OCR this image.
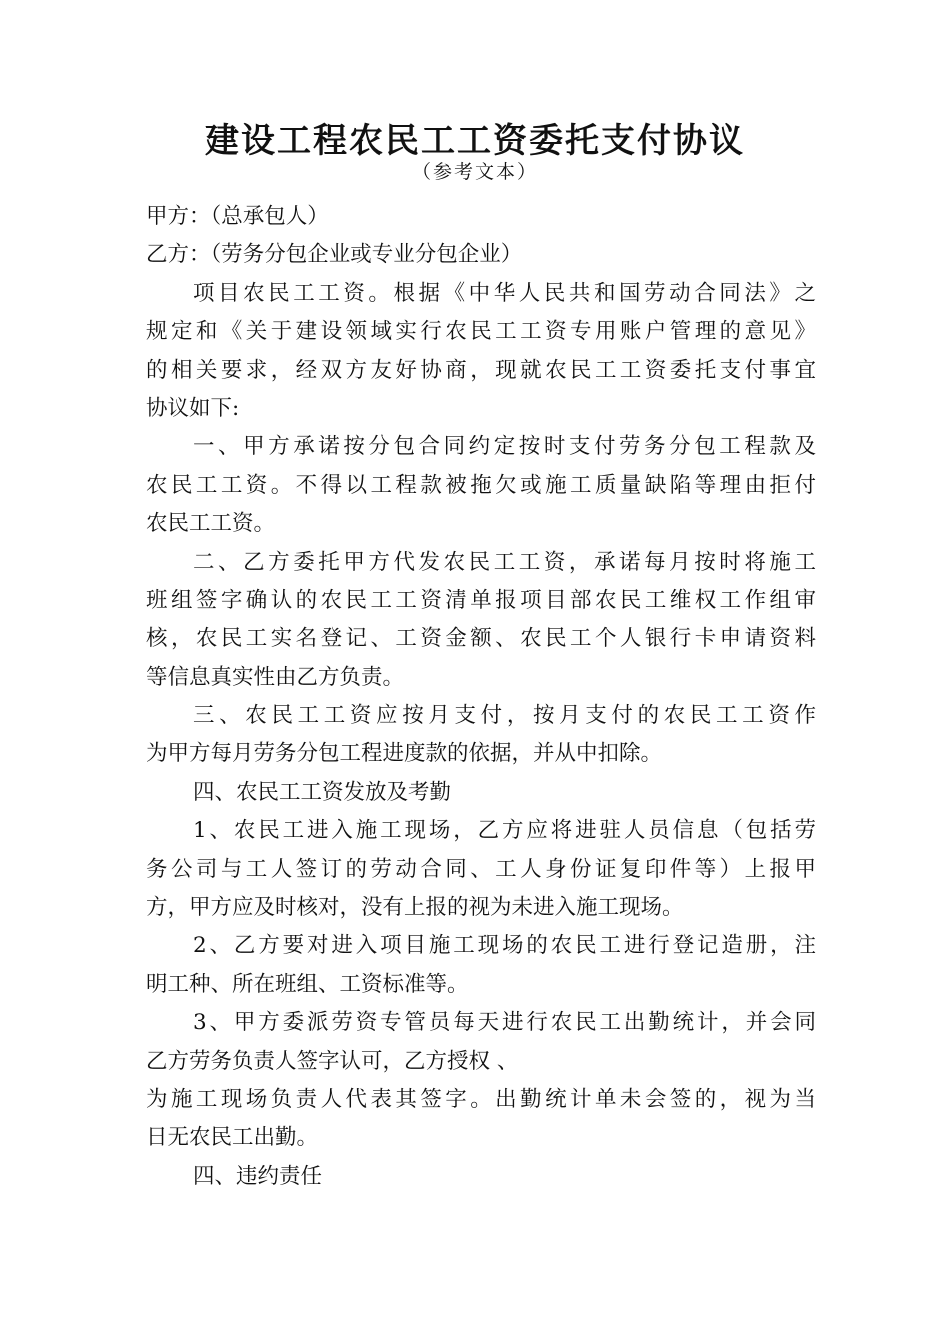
建设工程农民工工资委托支付协议
（参考文本）
甲方：（总承包人）
乙方：（劳务分包企业或专业分包企业）
项目农民工工资。根据《中华人民共和国劳动合同法》之
规定和《关于建设领域实行农民工工资专用账户管理的意见》
的相关要求，经双方友好协商，现就农民工工资委托支付事宜
协议如下:
一、甲方承诺按分包合同约定按时支付劳务分包工程款及
农民工工资。不得以工程款被拖欠或施工质量缺陷等理由拒付
农民工工资。
二、乙方委托甲方代发农民工工资，承诺每月按时将施工
班组签字确认的农民工工资清单报项目部农民工维权工作组审
核，农民工实名登记、工资金额、农民工个人银行卡申请资料
等信息真实性由乙方负责。
三、农民工工资应按月支付，按月支付的农民工工资作
为甲方每月劳务分包工程进度款的依据，并从中扣除。
四、农民工工资发放及考勤
1、农民工进入施工现场，乙方应将进驻人员信息（包括劳
务公司与工人签订的劳动合同、工人身份证复印件等）上报甲
方，甲方应及时核对，没有上报的视为未进入施工现场。
2、乙方要对进入项目施工现场的农民工进行登记造册，注
明工种、所在班组、工资标准等。
3、甲方委派劳资专管员每天进行农民工出勤统计，并会同
乙方劳务负责人签字认可，乙方授权 、
为施工现场负责人代表其签字。出勤统计单未会签的，视为当
日无农民工出勤。
四、违约责任
